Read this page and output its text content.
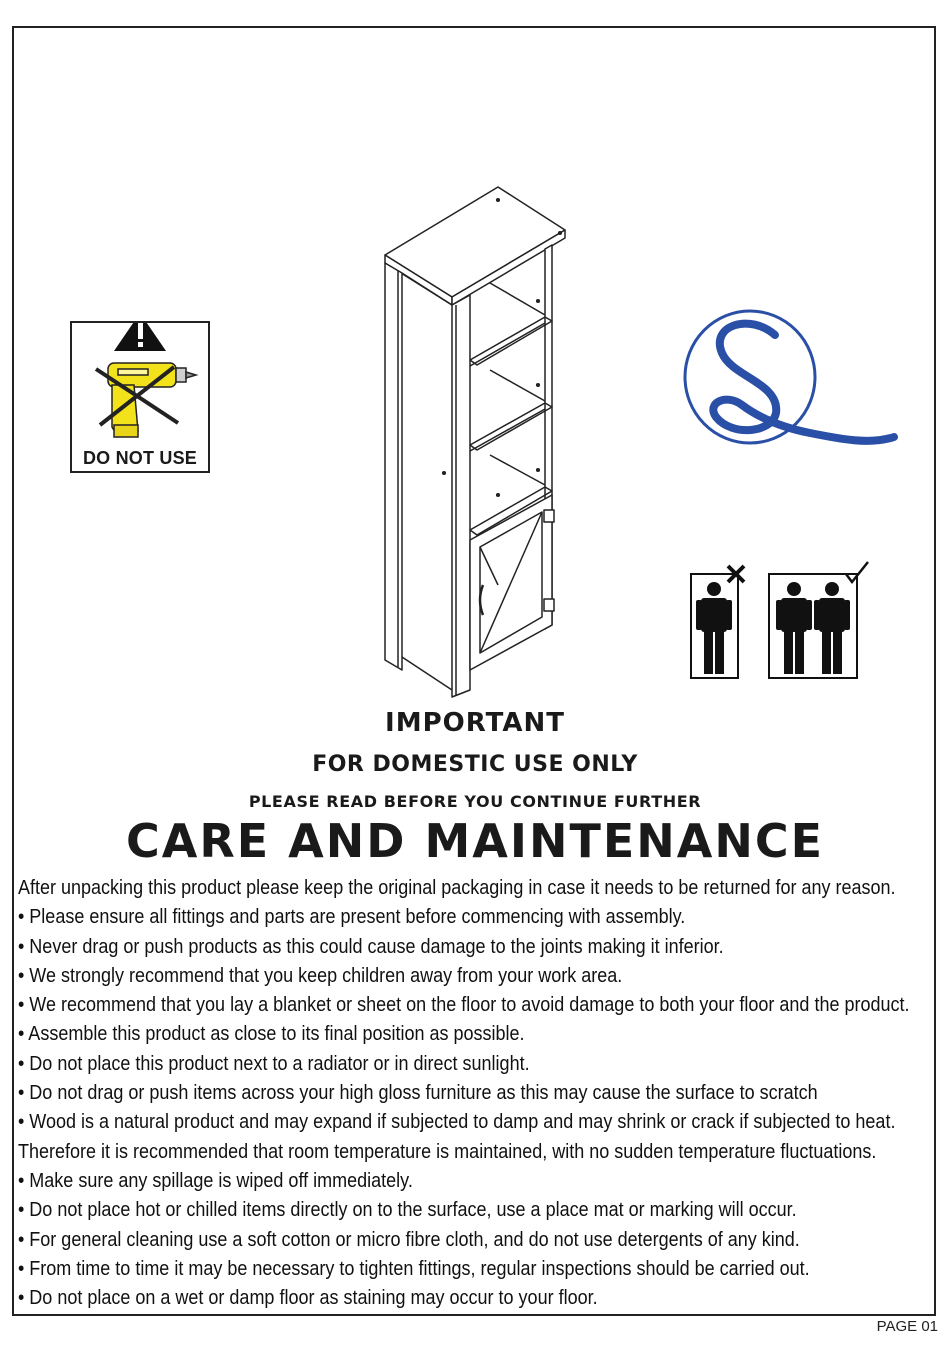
DO NOT USE
IMPORTANT
FOR DOMESTIC USE ONLY
PLEASE READ BEFORE YOU CONTINUE FURTHER
CARE AND MAINTENANCE
After unpacking this product please keep the original packaging in case it needs to be returned for any reason.
• Please ensure all fittings and parts are present before commencing with assembly.
• Never drag or push products as this could cause damage to the joints making it inferior.
• We strongly recommend that you keep children away from your work area.
• We recommend that you lay a blanket or sheet on the floor to avoid damage to both your floor and the product.
• Assemble this product as close to its final position as possible.
• Do not place this product next to a radiator or in direct sunlight.
• Do not drag or push items across your high gloss furniture as this may cause the surface to scratch
• Wood is a natural product and may expand if subjected to damp and may shrink or crack if subjected to heat.
Therefore it is recommended that room temperature is maintained, with no sudden temperature fluctuations.
• Make sure any spillage is wiped off immediately.
• Do not place hot or chilled items directly on to the surface, use a place mat or marking will occur.
• For general cleaning use a soft cotton or micro fibre cloth, and do not use detergents of any kind.
• From time to time it may be necessary to tighten fittings, regular inspections should be carried out.
• Do not place on a wet or damp floor as staining may occur to your floor.
PAGE 01
